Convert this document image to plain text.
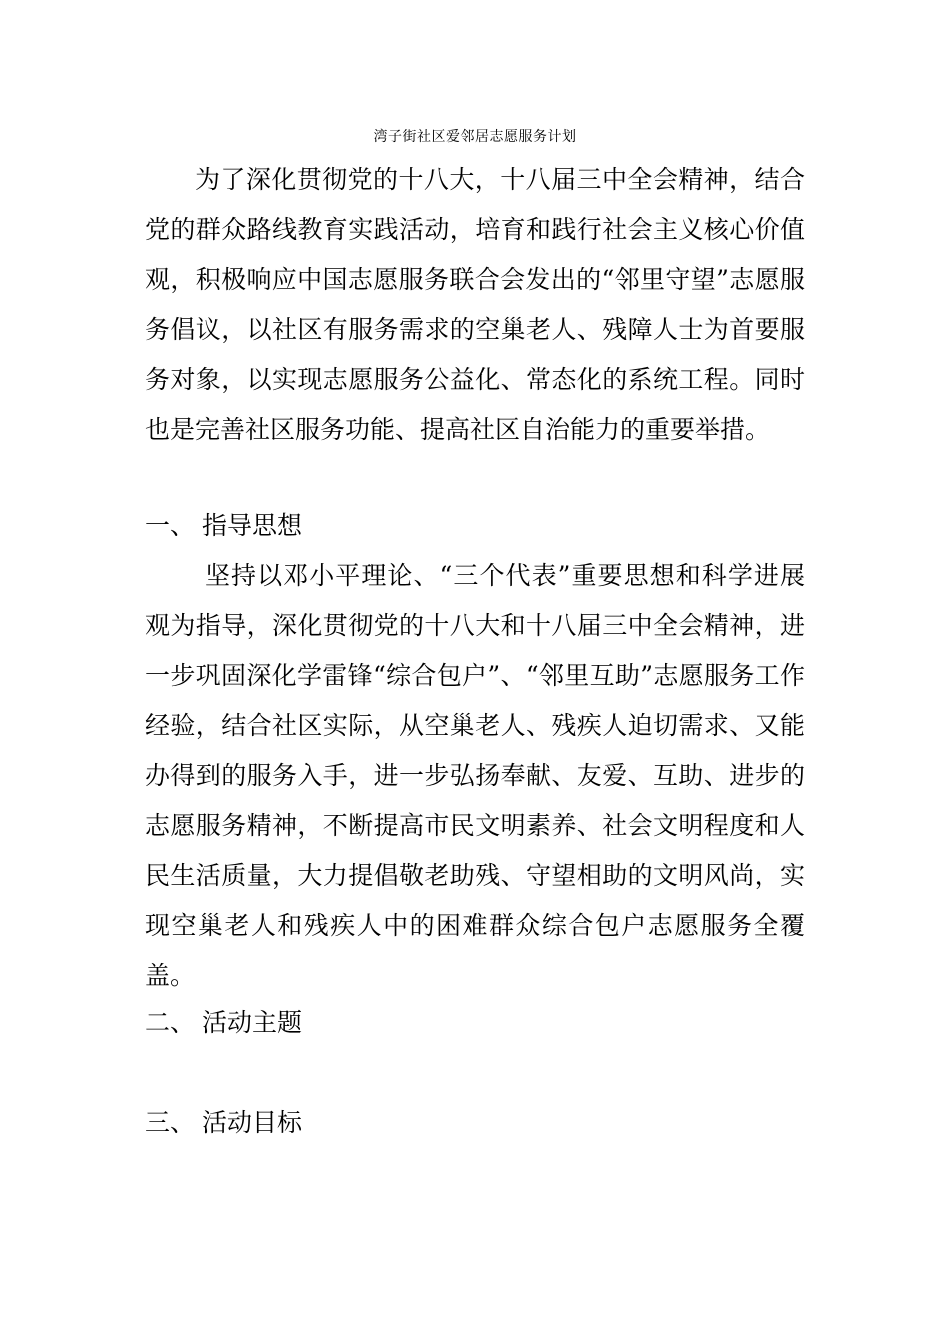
湾子街社区爱邻居志愿服务计划

为了深化贯彻党的十八大，十八届三中全会精神，结合党的群众路线教育实践活动，培育和践行社会主义核心价值观，积极响应中国志愿服务联合会发出的“邻里守望”志愿服务倡议，以社区有服务需求的空巢老人、残障人士为首要服务对象，以实现志愿服务公益化、常态化的系统工程。同时也是完善社区服务功能、提高社区自治能力的重要举措。

一、 指导思想

坚持以邓小平理论、“三个代表”重要思想和科学进展观为指导，深化贯彻党的十八大和十八届三中全会精神，进一步巩固深化学雷锋“综合包户”、“邻里互助”志愿服务工作经验，结合社区实际，从空巢老人、残疾人迫切需求、又能办得到的服务入手，进一步弘扬奉献、友爱、互助、进步的志愿服务精神，不断提高市民文明素养、社会文明程度和人民生活质量，大力提倡敬老助残、守望相助的文明风尚，实现空巢老人和残疾人中的困难群众综合包户志愿服务全覆盖。

二、 活动主题
三、 活动目标
